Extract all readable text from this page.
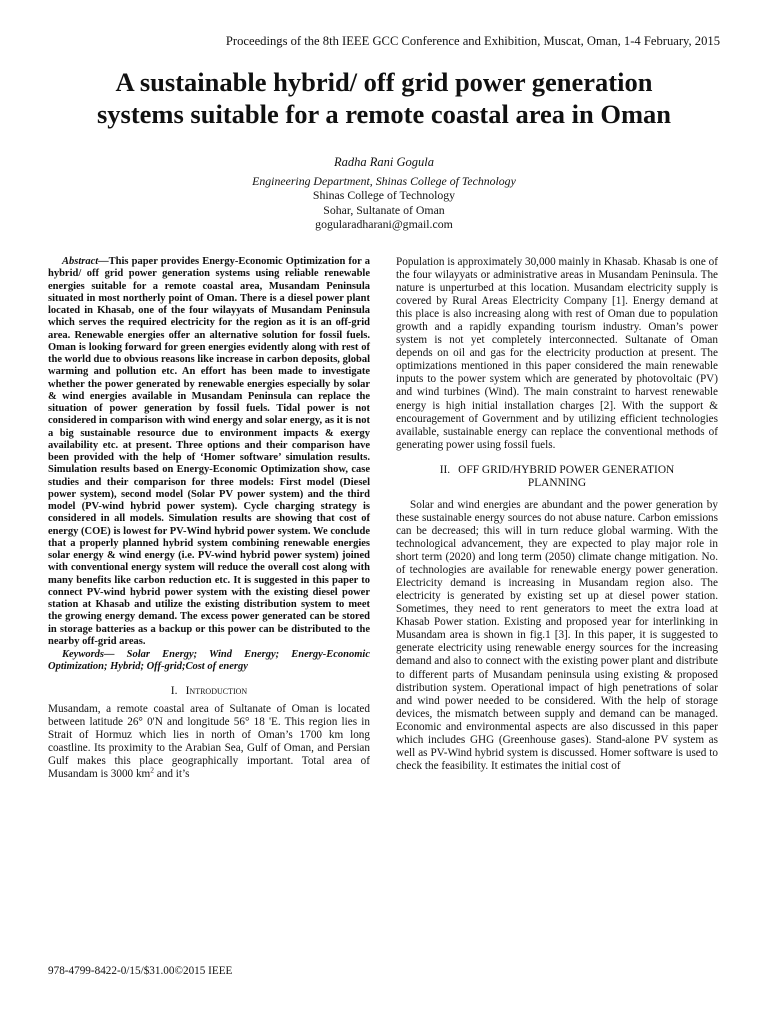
Proceedings of the 8th IEEE GCC Conference and Exhibition, Muscat, Oman, 1-4 February, 2015
A sustainable hybrid/ off grid power generation
systems suitable for a remote coastal area in Oman
Radha Rani Gogula
Engineering Department, Shinas College of Technology
Shinas College of Technology
Sohar, Sultanate of Oman
gogularadharani@gmail.com

Abstract—This paper provides Energy-Economic Optimization for a hybrid/ off grid power generation systems using reliable renewable energies suitable for a remote coastal area, Musandam Peninsula situated in most northerly point of Oman. There is a diesel power plant located in Khasab, one of the four wilayyats of Musandam Peninsula which serves the required electricity for the region as it is an off-grid area. Renewable energies offer an alternative solution for fossil fuels. Oman is looking forward for green energies evidently along with rest of the world due to obvious reasons like increase in carbon deposits, global warming and pollution etc. An effort has been made to investigate whether the power generated by renewable energies especially by solar & wind energies available in Musandam Peninsula can replace the situation of power generation by fossil fuels. Tidal power is not considered in comparison with wind energy and solar energy, as it is not a big sustainable resource due to environment impacts & exergy availability etc. at present. Three options and their comparison have been provided with the help of ‘Homer software’ simulation results. Simulation results based on Energy-Economic Optimization show, case studies and their comparison for three models: First model (Diesel power system), second model (Solar PV power system) and the third model (PV-wind hybrid power system). Cycle charging strategy is considered in all models. Simulation results are showing that cost of energy (COE) is lowest for PV-Wind hybrid power system. We conclude that a properly planned hybrid system combining renewable energies solar energy & wind energy (i.e. PV-wind hybrid power system) joined with conventional energy system will reduce the overall cost along with many benefits like carbon reduction etc. It is suggested in this paper to connect PV-wind hybrid power system with the existing diesel power station at Khasab and utilize the existing distribution system to meet the growing energy demand. The excess power generated can be stored in storage batteries as a backup or this power can be distributed to the nearby off-grid areas.

Keywords— Solar Energy; Wind Energy; Energy-Economic Optimization; Hybrid; Off-grid;Cost of energy

I. Introduction

Musandam, a remote coastal area of Sultanate of Oman is located between latitude 26° 0'N and longitude 56° 18 'E. This region lies in Strait of Hormuz which lies in north of Oman’s 1700 km long coastline. Its proximity to the Arabian Sea, Gulf of Oman, and Persian Gulf makes this place geographically important. Total area of Musandam is 3000 $km^2$ and it’s

Population is approximately 30,000 mainly in Khasab. Khasab is one of the four wilayyats or administrative areas in Musandam Peninsula. The nature is unperturbed at this location. Musandam electricity supply is covered by Rural Areas Electricity Company [1]. Energy demand at this place is also increasing along with rest of Oman due to population growth and a rapidly expanding tourism industry. Oman’s power system is not yet completely interconnected. Sultanate of Oman depends on oil and gas for the electricity production at present. The optimizations mentioned in this paper considered the main renewable inputs to the power system which are generated by photovoltaic (PV) and wind turbines (Wind). The main constraint to harvest renewable energy is high initial installation charges [2]. With the support & encouragement of Government and by utilizing efficient technologies available, sustainable energy can replace the conventional methods of generating power using fossil fuels.

II. OFF GRID/HYBRID POWER GENERATION PLANNING

Solar and wind energies are abundant and the power generation by these sustainable energy sources do not abuse nature. Carbon emissions can be decreased; this will in turn reduce global warming. With the technological advancement, they are expected to play major role in short term (2020) and long term (2050) climate change mitigation. No. of technologies are available for renewable energy power generation. Electricity demand is increasing in Musandam region also. The electricity is generated by existing set up at diesel power station. Sometimes, they need to rent generators to meet the extra load at Khasab Power station. Existing and proposed year for interlinking in Musandam area is shown in fig.1 [3]. In this paper, it is suggested to generate electricity using renewable energy sources for the increasing demand and also to connect with the existing power plant and distribute to different parts of Musandam peninsula using existing & proposed distribution system. Operational impact of high penetrations of solar and wind power needed to be considered. With the help of storage devices, the mismatch between supply and demand can be managed. Economic and environmental aspects are also discussed in this paper which includes GHG (Greenhouse gases). Stand-alone PV system as well as PV-Wind hybrid system is discussed. Homer software is used to check the feasibility. It estimates the initial cost of

978-4799-8422-0/15/$31.00©2015 IEEE
